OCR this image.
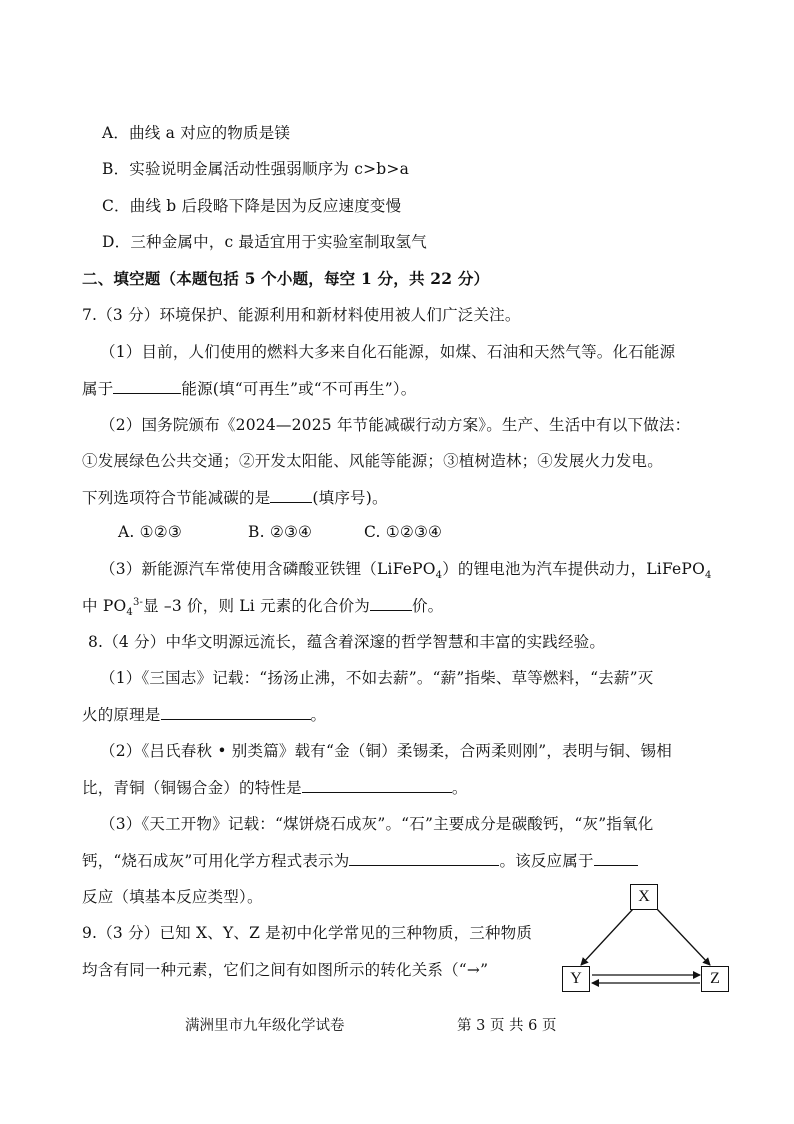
A．曲线 a 对应的物质是镁
B．实验说明金属活动性强弱顺序为 c>b>a
C．曲线 b 后段略下降是因为反应速度变慢
D．三种金属中，c 最适宜用于实验室制取氢气
二、填空题（本题包括 5 个小题，每空 1 分，共 22 分）
7.（3 分）环境保护、能源利用和新材料使用被人们广泛关注。
（1）目前，人们使用的燃料大多来自化石能源，如煤、石油和天然气等。化石能源
属于	能源(填“可再生”或“不可再生”）。
（2）国务院颁布《2024—2025 年节能减碳行动方案》。生产、生活中有以下做法：
①发展绿色公共交通；②开发太阳能、风能等能源；③植树造林；④发展火力发电。
下列选项符合节能减碳的是	(填序号)。
A. ①②③	B. ②③④	C. ①②③④
（3）新能源汽车常使用含磷酸亚铁锂（LiFePO$_4$）的锂电池为汽车提供动力，LiFePO$_4$
中 $PO_4^{3-}$显 –3 价，则 Li 元素的化合价为	价。
8.（4 分）中华文明源远流长，蕴含着深邃的哲学智慧和丰富的实践经验。
（1）《三国志》记载：“扬汤止沸，不如去薪”。“薪”指柴、草等燃料，“去薪”灭
火的原理是	。
（2）《吕氏春秋 • 别类篇》载有“金（铜）柔锡柔，合两柔则刚”，表明与铜、锡相
比，青铜（铜锡合金）的特性是	。
（3）《天工开物》记载：“煤饼烧石成灰”。“石”主要成分是碳酸钙，“灰”指氧化
钙，“烧石成灰”可用化学方程式表示为	。该反应属于
反应（填基本反应类型）。
9.（3 分）已知 X、Y、Z 是初中化学常见的三种物质，三种物质
均含有同一种元素，它们之间有如图所示的转化关系（“→”
X
Y	Z
满洲里市九年级化学试卷	第 3 页 共 6 页
